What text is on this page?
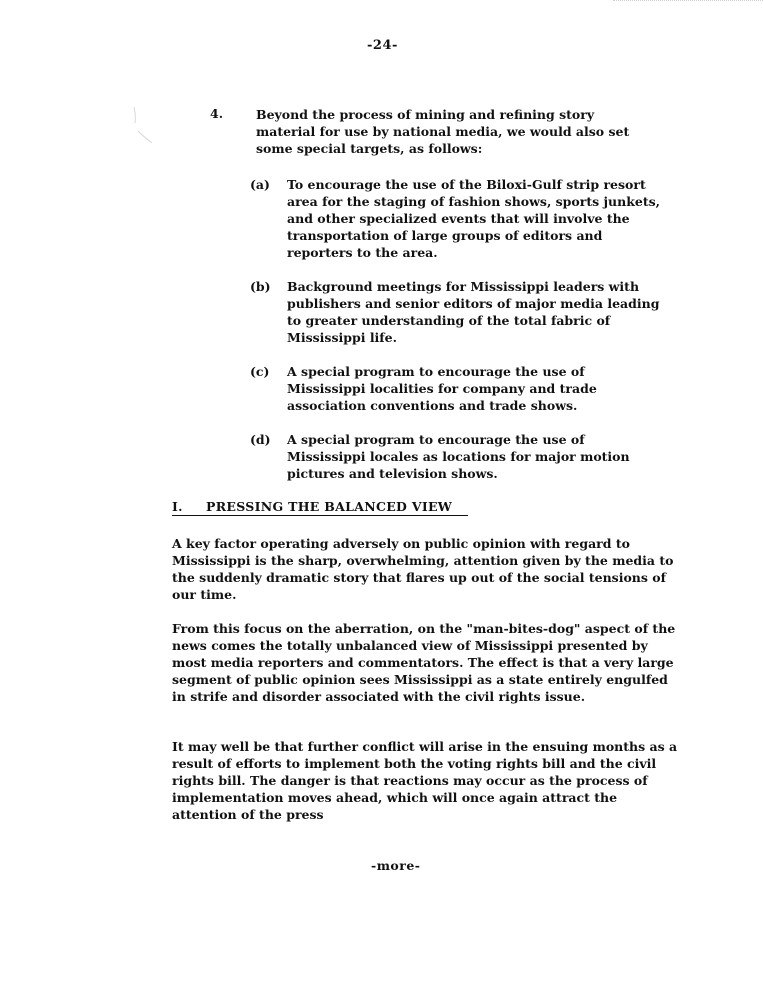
-24-
4.	Beyond the process of mining and refining story material for use by national media, we would also set some special targets, as follows:
(a) To encourage the use of the Biloxi-Gulf strip resort area for the staging of fashion shows, sports junkets, and other specialized events that will involve the transportation of large groups of editors and reporters to the area.
(b) Background meetings for Mississippi leaders with publishers and senior editors of major media leading to greater understanding of the total fabric of Mississippi life.
(c) A special program to encourage the use of Mississippi localities for company and trade association conventions and trade shows.
(d) A special program to encourage the use of Mississippi locales as locations for major motion pictures and television shows.
I. PRESSING THE BALANCED VIEW
A key factor operating adversely on public opinion with regard to Mississippi is the sharp, overwhelming, attention given by the media to the suddenly dramatic story that flares up out of the social tensions of our time.
From this focus on the aberration, on the "man-bites-dog" aspect of the news comes the totally unbalanced view of Mississippi presented by most media reporters and commentators. The effect is that a very large segment of public opinion sees Mississippi as a state entirely engulfed in strife and disorder associated with the civil rights issue.
It may well be that further conflict will arise in the ensuing months as a result of efforts to implement both the voting rights bill and the civil rights bill. The danger is that reactions may occur as the process of implementation moves ahead, which will once again attract the attention of the press
-more-
